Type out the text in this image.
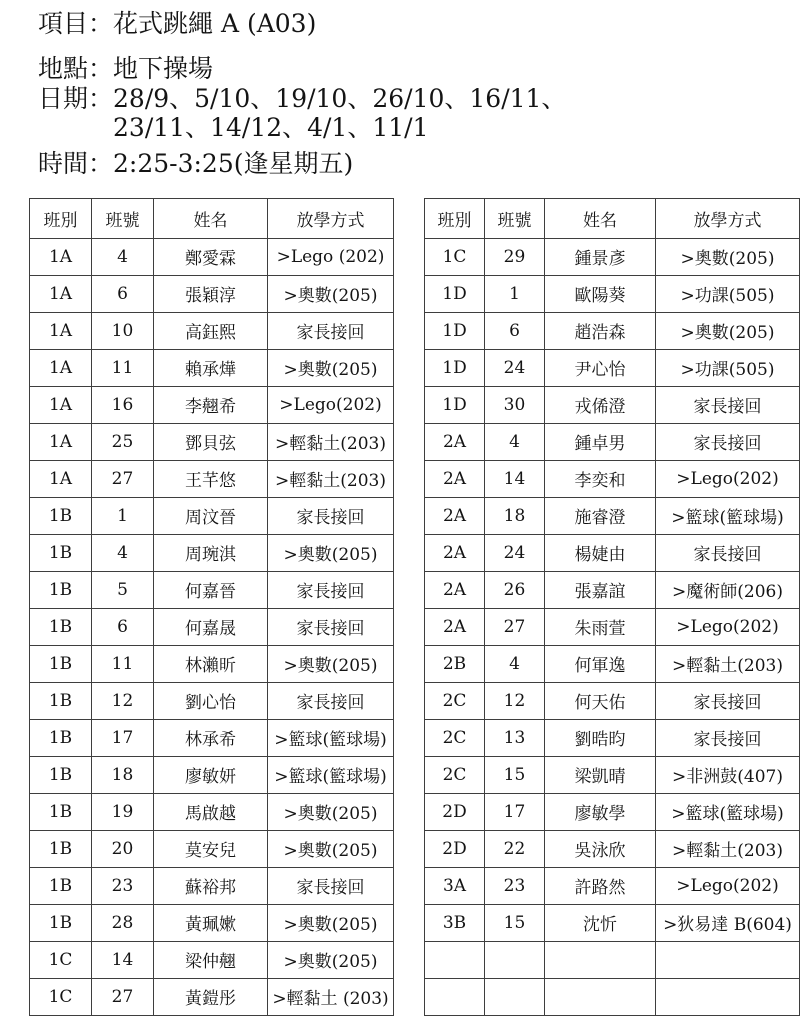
項目： 花式跳繩 A (A03)
地點： 地下操場
日期： 28/9、5/10、19/10、26/10、16/11、
23/11、14/12、4/1、11/1
時間： 2:25-3:25(逢星期五)
班別	班號	姓名	放學方式
1A	4	鄭愛霖	>Lego (202)
1A	6	張穎淳	>奧數(205)
1A	10	高鈺熙	家長接回
1A	11	賴承燁	>奧數(205)
1A	16	李翹希	>Lego(202)
1A	25	鄧貝弦	>輕黏土(203)
1A	27	王芊悠	>輕黏土(203)
1B	1	周汶晉	家長接回
1B	4	周琬淇	>奧數(205)
1B	5	何嘉晉	家長接回
1B	6	何嘉晟	家長接回
1B	11	林瀨昕	>奧數(205)
1B	12	劉心怡	家長接回
1B	17	林承希	>籃球(籃球場)
1B	18	廖敏妍	>籃球(籃球場)
1B	19	馬啟越	>奧數(205)
1B	20	莫安兒	>奧數(205)
1B	23	蘇裕邦	家長接回
1B	28	黃珮嫰	>奧數(205)
1C	14	梁仲翹	>奧數(205)
1C	27	黃鎧彤	>輕黏土 (203)
班別	班號	姓名	放學方式
1C	29	鍾景彥	>奧數(205)
1D	1	歐陽葵	>功課(505)
1D	6	趙浩森	>奧數(205)
1D	24	尹心怡	>功課(505)
1D	30	戎俙澄	家長接回
2A	4	鍾卓男	家長接回
2A	14	李奕和	>Lego(202)
2A	18	施睿澄	>籃球(籃球場)
2A	24	楊婕由	家長接回
2A	26	張嘉誼	>魔術師(206)
2A	27	朱雨萱	>Lego(202)
2B	4	何軍逸	>輕黏土(203)
2C	12	何天佑	家長接回
2C	13	劉晧昀	家長接回
2C	15	梁凱晴	>非洲鼓(407)
2D	17	廖敏學	>籃球(籃球場)
2D	22	吳泳欣	>輕黏土(203)
3A	23	許路然	>Lego(202)
3B	15	沈忻	>狄易達 B(604)
